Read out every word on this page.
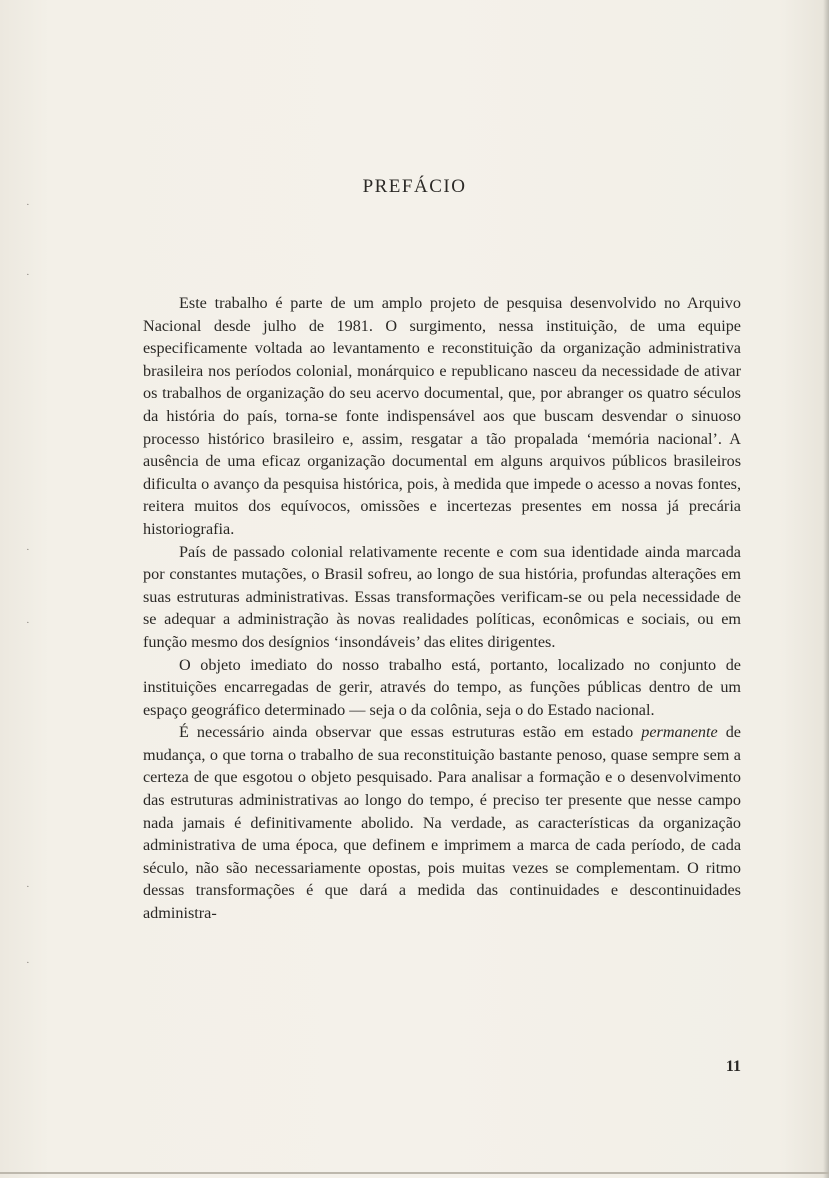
·
·
·
·
·
·
PREFÁCIO

Este trabalho é parte de um amplo projeto de pesquisa desenvolvido no Arquivo Nacional desde julho de 1981. O surgimento, nessa instituição, de uma equipe especificamente voltada ao levantamento e reconstituição da organização administrativa brasileira nos períodos colonial, monárquico e republicano nasceu da necessidade de ativar os trabalhos de organização do seu acervo documental, que, por abranger os quatro séculos da história do país, torna-se fonte indispensável aos que buscam desvendar o sinuoso processo histórico brasileiro e, assim, resgatar a tão propalada ‘memória nacional’. A ausência de uma eficaz organização documental em alguns arquivos públicos brasileiros dificulta o avanço da pesquisa histórica, pois, à medida que impede o acesso a novas fontes, reitera muitos dos equívocos, omissões e incertezas presentes em nossa já precária historiografia.

País de passado colonial relativamente recente e com sua identidade ainda marcada por constantes mutações, o Brasil sofreu, ao longo de sua história, profundas alterações em suas estruturas administrativas. Essas transformações verificam-se ou pela necessidade de se adequar a administração às novas realidades políticas, econômicas e sociais, ou em função mesmo dos desígnios ‘insondáveis’ das elites dirigentes.

O objeto imediato do nosso trabalho está, portanto, localizado no conjunto de instituições encarregadas de gerir, através do tempo, as funções públicas dentro de um espaço geográfico determinado — seja o da colônia, seja o do Estado nacional.

É necessário ainda observar que essas estruturas estão em estado permanente de mudança, o que torna o trabalho de sua reconstituição bastante penoso, quase sempre sem a certeza de que esgotou o objeto pesquisado. Para analisar a formação e o desenvolvimento das estruturas administrativas ao longo do tempo, é preciso ter presente que nesse campo nada jamais é definitivamente abolido. Na verdade, as características da organização administrativa de uma época, que definem e imprimem a marca de cada período, de cada século, não são necessariamente opostas, pois muitas vezes se complementam. O ritmo dessas transformações é que dará a medida das continuidades e descontinuidades administra-

11
